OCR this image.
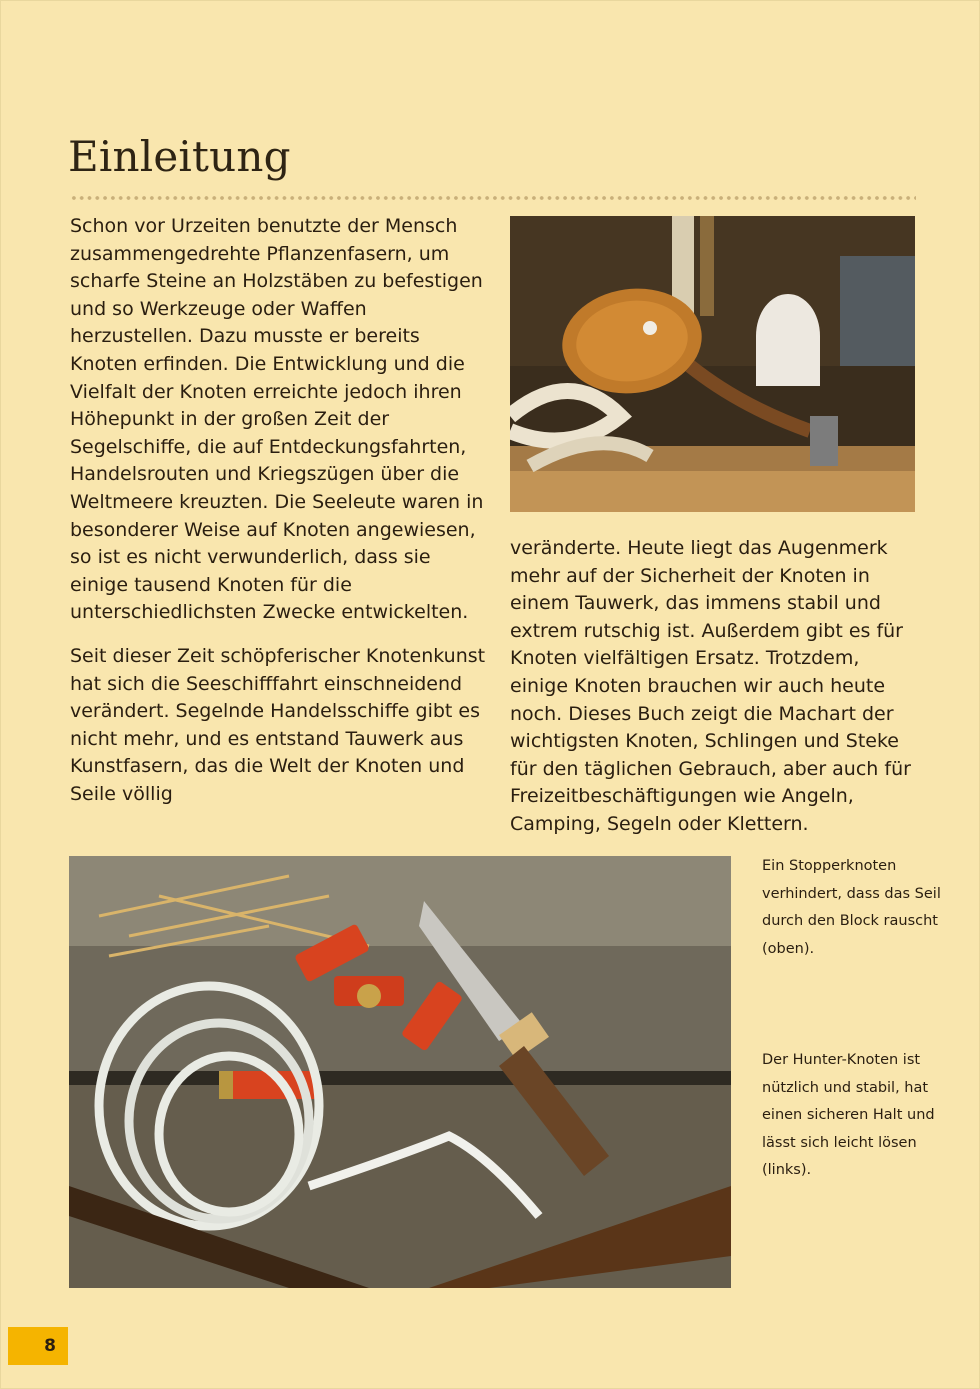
Einleitung

Schon vor Urzeiten benutzte der Mensch zusammengedrehte Pflanzenfasern, um scharfe Steine an Holzstäben zu befestigen und so Werkzeuge oder Waffen herzustellen. Dazu musste er bereits Knoten erfinden. Die Entwicklung und die Vielfalt der Knoten erreichte jedoch ihren Höhepunkt in der großen Zeit der Segelschiffe, die auf Entdeckungsfahrten, Handelsrouten und Kriegszügen über die Weltmeere kreuzten. Die Seeleute waren in besonderer Weise auf Knoten angewiesen, so ist es nicht verwunderlich, dass sie einige tausend Knoten für die unterschiedlichsten Zwecke entwickelten.

Seit dieser Zeit schöpferischer Knotenkunst hat sich die Seeschifffahrt einschneidend verändert. Segelnde Handelsschiffe gibt es nicht mehr, und es entstand Tauwerk aus Kunstfasern, das die Welt der Knoten und Seile völlig

veränderte. Heute liegt das Augenmerk mehr auf der Sicherheit der Knoten in einem Tauwerk, das immens stabil und extrem rutschig ist. Außerdem gibt es für Knoten vielfältigen Ersatz. Trotzdem, einige Knoten brauchen wir auch heute noch. Dieses Buch zeigt die Machart der wichtigsten Knoten, Schlingen und Steke für den täglichen Gebrauch, aber auch für Freizeitbeschäftigungen wie Angeln, Camping, Segeln oder Klettern.

Ein Stopperknoten verhindert, dass das Seil durch den Block rauscht (oben).

Der Hunter-Knoten ist nützlich und stabil, hat einen sicheren Halt und lässt sich leicht lösen (links).

8
